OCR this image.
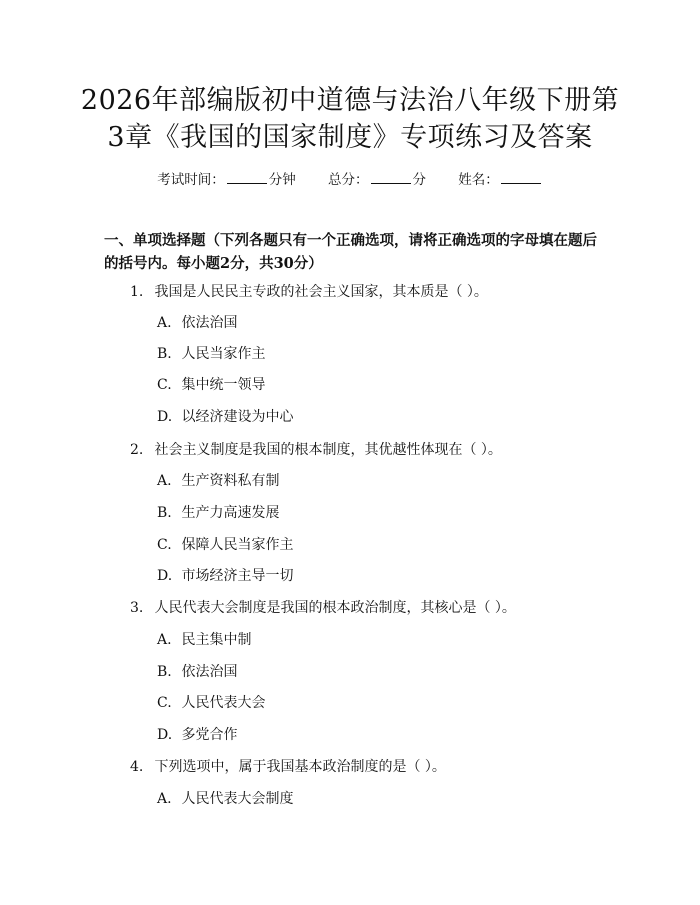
2026年部编版初中道德与法治八年级下册第
3章《我国的国家制度》专项练习及答案
考试时间：	分钟 总分：	分 姓名：
一、单项选择题（下列各题只有一个正确选项，请将正确选项的字母填在题后的括号内。每小题2分，共30分）
1. 我国是人民民主专政的社会主义国家，其本质是（ ）。
A. 依法治国
B. 人民当家作主
C. 集中统一领导
D. 以经济建设为中心
2. 社会主义制度是我国的根本制度，其优越性体现在（ ）。
A. 生产资料私有制
B. 生产力高速发展
C. 保障人民当家作主
D. 市场经济主导一切
3. 人民代表大会制度是我国的根本政治制度，其核心是（ ）。
A. 民主集中制
B. 依法治国
C. 人民代表大会
D. 多党合作
4. 下列选项中，属于我国基本政治制度的是（ ）。
A. 人民代表大会制度
